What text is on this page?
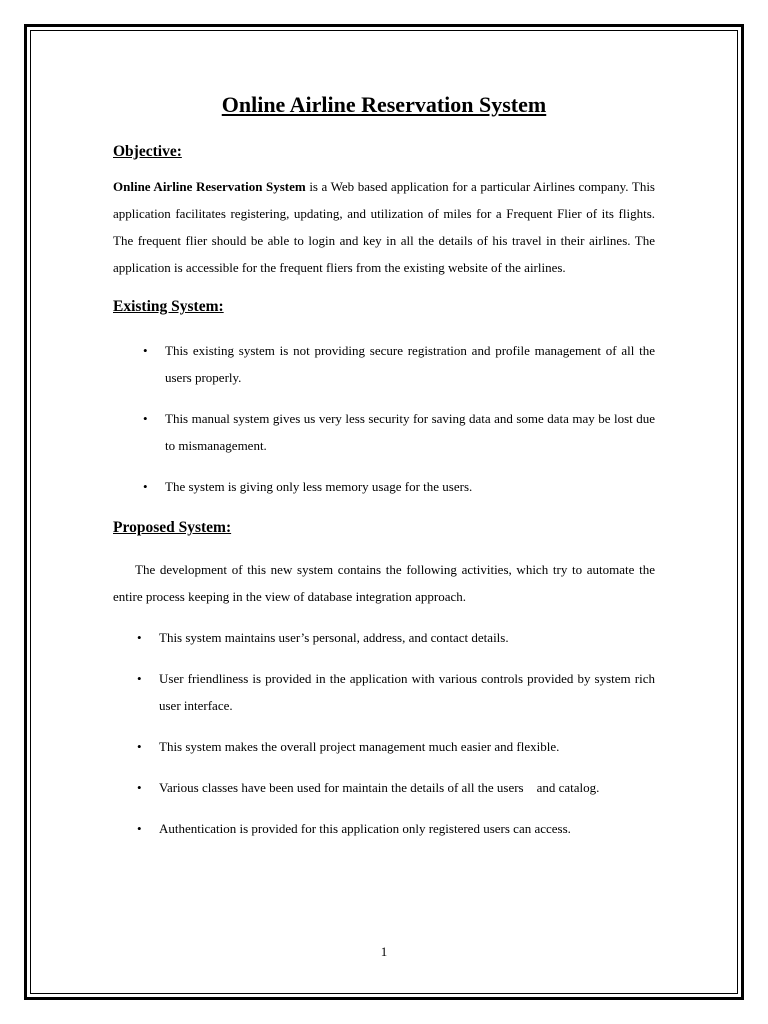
Online Airline Reservation System
Objective:

Online Airline Reservation System is a Web based application for a particular Airlines company. This application facilitates registering, updating, and utilization of miles for a Frequent Flier of its flights. The frequent flier should be able to login and key in all the details of his travel in their airlines. The application is accessible for the frequent fliers from the existing website of the airlines.

Existing System:
• This existing system is not providing secure registration and profile management of all the users properly.
• This manual system gives us very less security for saving data and some data may be lost due to mismanagement.
• The system is giving only less memory usage for the users.
Proposed System:

The development of this new system contains the following activities, which try to automate the entire process keeping in the view of database integration approach.

• This system maintains user’s personal, address, and contact details.
• User friendliness is provided in the application with various controls provided by system rich user interface.
• This system makes the overall project management much easier and flexible.
• Various classes have been used for maintain the details of all the users    and catalog.
• Authentication is provided for this application only registered users can access.
1
